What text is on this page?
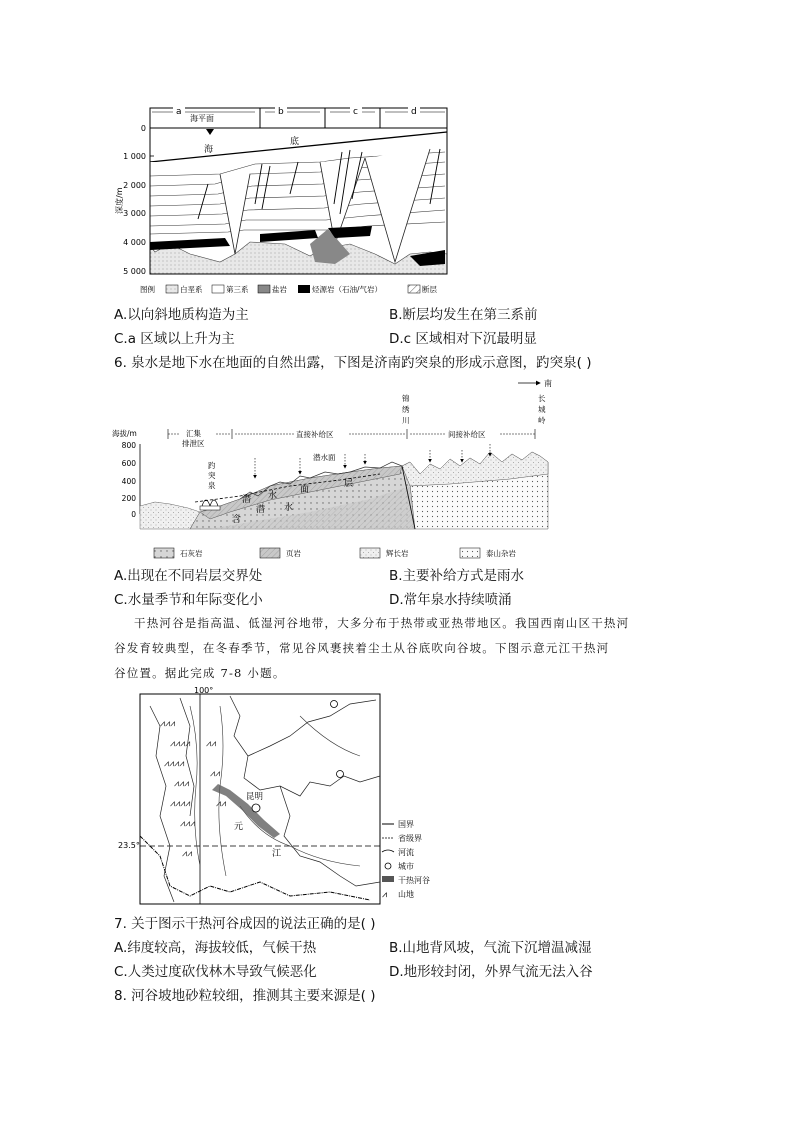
a	b	c	d
海平面
深度/m
0
1 000
2 000
3 000
4 000
5 000
海
底
图例	白垩系	第三系	盐岩	烃源岩（石油/气岩）	断层
A.以向斜地质构造为主	B.断层均发生在第三系前
C.a 区域以上升为主	D.c 区域相对下沉最明显
6. 泉水是地下水在地面的自然出露，下图是济南趵突泉的形成示意图，趵突泉( )
南
锦
绣
川
长
城
岭
汇集
排泄区
直接补给区	间接补给区
海拔/m
800
600
400
200
0
趵
突
泉
潜水面
潜 水
面
层
潜 水
含
石灰岩	页岩	辉长岩	泰山杂岩
A.出现在不同岩层交界处	B.主要补给方式是雨水
C.水量季节和年际变化小	D.常年泉水持续喷涌
干热河谷是指高温、低湿河谷地带，大多分布于热带或亚热带地区。我国西南山区干热河
谷发育较典型，在冬春季节，常见谷风裹挟着尘土从谷底吹向谷坡。下图示意元江干热河
谷位置。据此完成 7-8 小题。
100°
23.5°
⩘⩘⩘
⩘⩘⩘⩘
⩘⩘⩘⩘
⩘⩘⩘
⩘⩘⩘⩘
⩘⩘⩘
⩘⩘
⩘⩘
⩘⩘
⩘⩘
昆明
元
江
国界
省级界
河流
城市
干热河谷
⩘ 山地
7. 关于图示干热河谷成因的说法正确的是( )
A.纬度较高，海拔较低，气候干热	B.山地背风坡，气流下沉增温减湿
C.人类过度砍伐林木导致气候恶化	D.地形较封闭，外界气流无法入谷
8. 河谷坡地砂粒较细，推测其主要来源是( )
